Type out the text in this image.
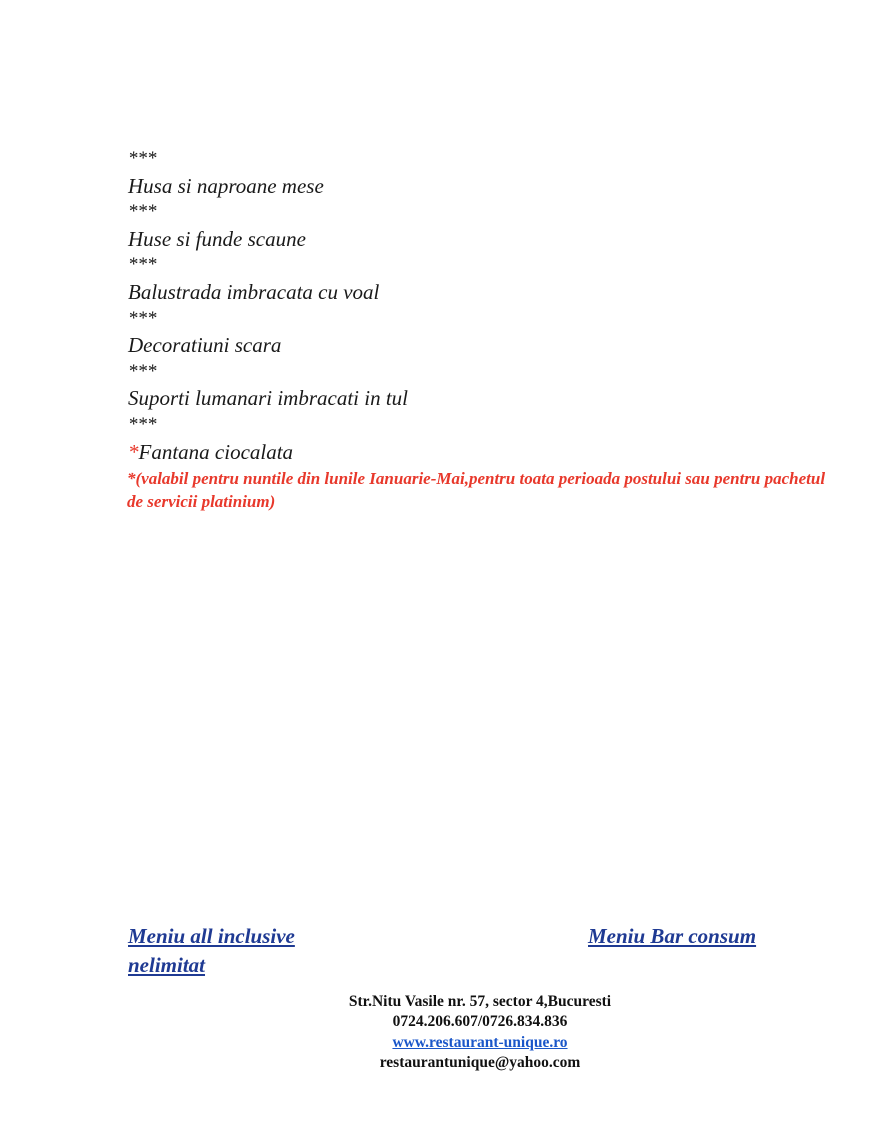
***
Husa si naproane mese
***
Huse si funde scaune
***
Balustrada imbracata cu voal
***
Decoratiuni scara
***
Suporti lumanari imbracati in tul
***
*Fantana ciocalata
*(valabil pentru nuntile din lunile Ianuarie-Mai,pentru toata perioada postului sau pentru pachetul de servicii platinium)
Meniu all inclusive nelimitat
Meniu Bar consum
Str.Nitu Vasile nr. 57, sector 4,Bucuresti
0724.206.607/0726.834.836
www.restaurant-unique.ro
restaurantunique@yahoo.com
